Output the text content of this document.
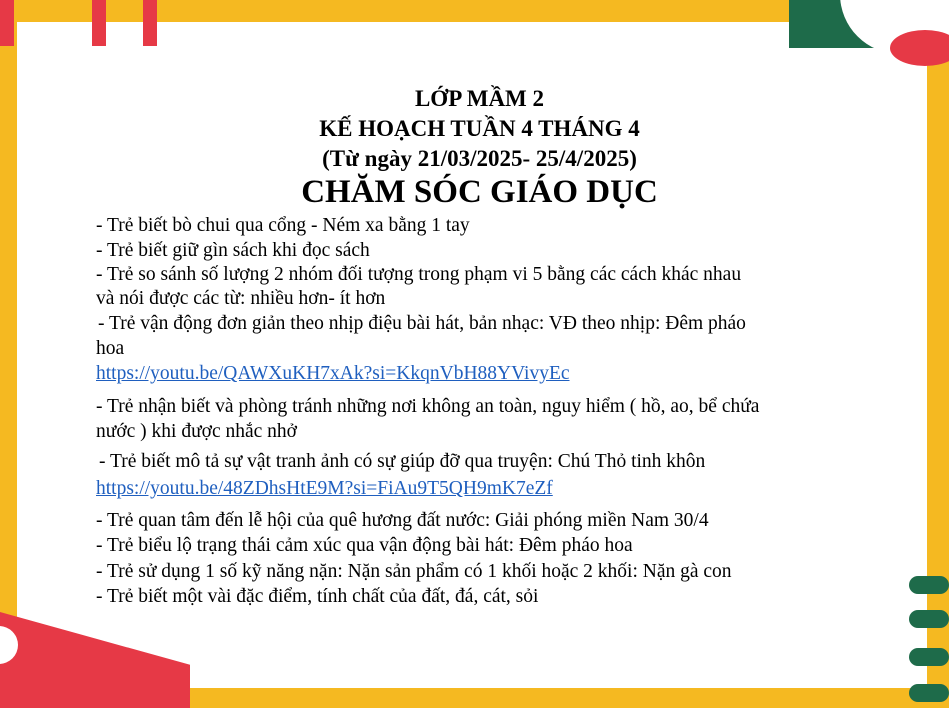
LỚP MẦM 2
KẾ HOẠCH TUẦN 4 THÁNG 4
(Từ ngày 21/03/2025- 25/4/2025)
CHĂM SÓC GIÁO DỤC
- Trẻ biết bò chui qua cổng - Ném xa bằng 1 tay
- Trẻ biết giữ gìn sách khi đọc sách
- Trẻ so sánh số lượng 2 nhóm đối tượng trong phạm vi 5 bằng các cách khác nhau
và nói được các từ: nhiều hơn- ít hơn
- Trẻ vận động đơn giản theo nhịp điệu bài hát, bản nhạc: VĐ theo nhịp: Đêm pháo
hoa
https://youtu.be/QAWXuKH7xAk?si=KkqnVbH88YVivyEc
- Trẻ nhận biết và phòng tránh những nơi không an toàn, nguy hiểm ( hồ, ao, bể chứa
nước ) khi được nhắc nhở
- Trẻ biết mô tả sự vật tranh ảnh có sự giúp đỡ qua truyện: Chú Thỏ tinh khôn
https://youtu.be/48ZDhsHtE9M?si=FiAu9T5QH9mK7eZf
- Trẻ quan tâm đến lễ hội của quê hương đất nước: Giải phóng miền Nam 30/4
- Trẻ biểu lộ trạng thái cảm xúc qua vận động bài hát: Đêm pháo hoa
- Trẻ sử dụng 1 số kỹ năng nặn: Nặn sản phẩm có 1 khối hoặc 2 khối: Nặn gà con
- Trẻ biết một vài đặc điểm, tính chất của đất, đá, cát, sỏi
